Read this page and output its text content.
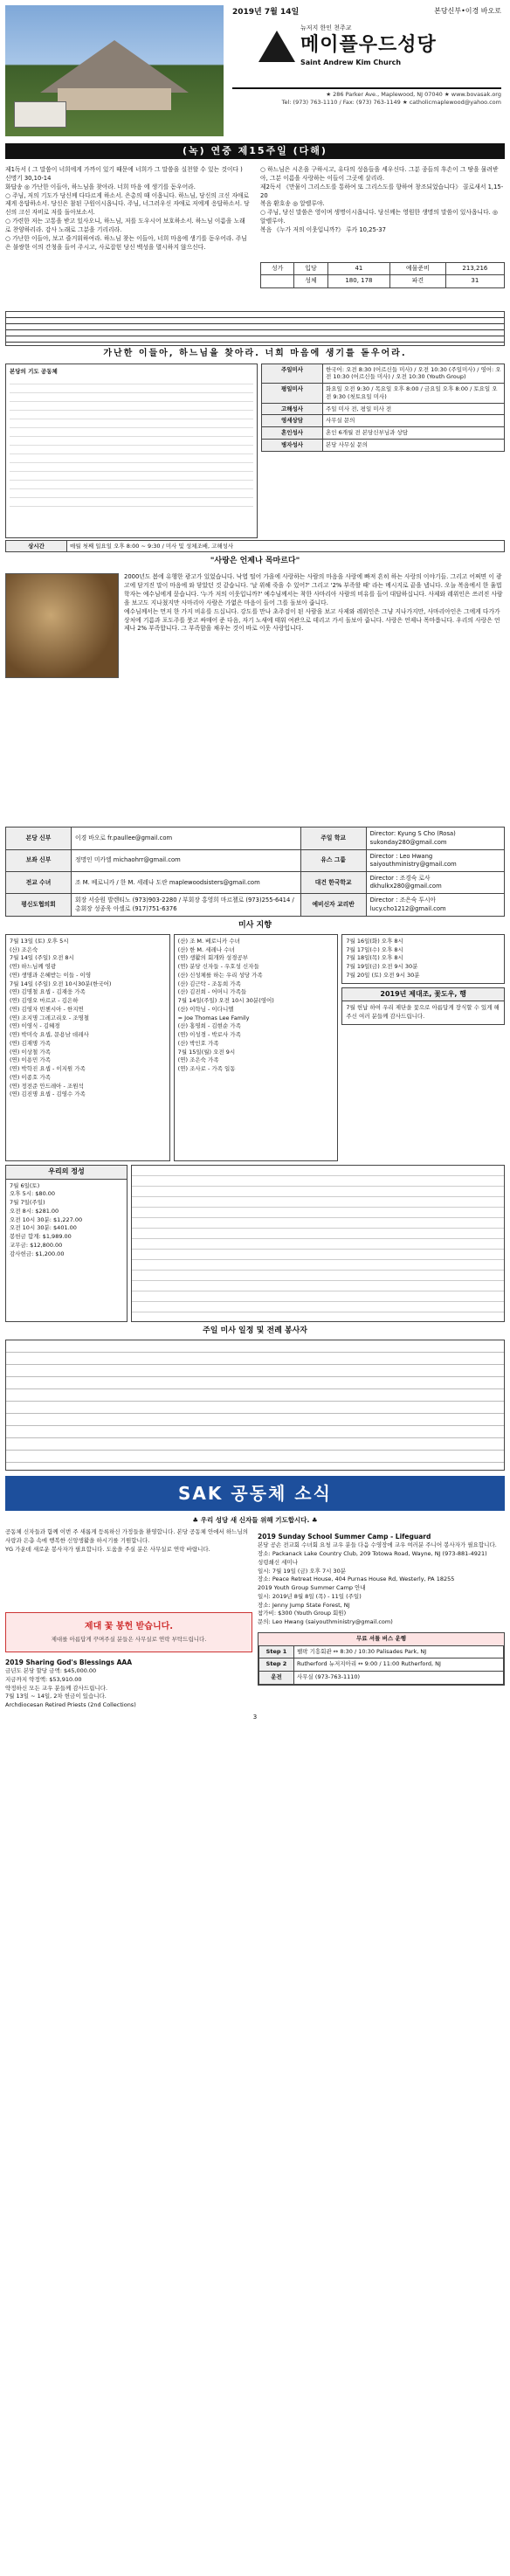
2019년 7월 14일	본당신부•이경 바오로
뉴저지 한인 천주교
메이플우드성당
Saint Andrew Kim Church
★ 286 Parker Ave., Maplewood, NJ 07040 ★ www.bovasak.org
Tel: (973) 763-1110 / Fax: (973) 763-1149 ★ catholicmaplewood@yahoo.com
(녹) 연중 제15주일 (다해)
제1독서 ( 그 말씀이 너희에게 가까이 있기 때문에 너희가 그 말씀을 실천할 수 있는 것이다 ) 신명기 30,10-14
화답송 ◎ 가난한 이들아, 하느님을 찾아라. 너희 마음 에 생기를 돋우어라.
○ 주님, 저의 기도가 당신께 다다르게 하소서. 은총의 때 이옵니다. 하느님, 당신의 크신 자애로 제게 응답하소서. 당신은 참된 구원이시옵니다. 주님, 너그러우신 자애로 저에게 응답하소서. 당신의 크신 자비로 저를 돌아보소서.
○ 가련한 저는 고통을 받고 있사오니, 하느님, 저를 도우시어 보호하소서. 하느님 이름을 노래로 찬양하리라. 감사 노래로 그분을 기리리라.
○ 가난한 이들아, 보고 즐거워하여라. 하느님 찾는 이들아, 너희 마음에 생기를 돋우어라. 주님은 불쌍한 이의 간청을 들어 주시고, 사로잡힌 당신 백성을 멸시하지 않으신다.
○ 하느님은 시온을 구하시고, 유다의 성읍들을 세우신다. 그분 종들의 후손이 그 땅을 물려받아, 그분 이름을 사랑하는 이들이 그곳에 살리라.
제2독서 《만물이 그리스도를 통하여 또 그리스도를 향하여 창조되었습니다》 콜로새서 1,15-20
복음 환호송 ◎ 알렐루야.
○ 주님, 당신 말씀은 영이며 생명이시옵니다. 당신께는 영원한 생명의 말씀이 있사옵니다. ◎ 알렐루야.
복음 《누가 저의 이웃입니까?》 루카 10,25-37
성가	입당	41	예물준비	213,216
	성체	180, 178	파견	31
가난한 이들아, 하느님을 찾아라. 너희 마음에 생기를 돋우어라.
본당의 기도 공동체	주일미사	한국어: 오전 8:30 (어르신들 미사) / 오전 10:30 (주일미사) / 영어: 오전 10:30 (어르신들 미사) / 오전 10:30 (Youth Group)
평일미사	화요일 오전 9:30 / 목요일 오후 8:00 / 금요일 오후 8:00 / 토요일 오전 9:30 (첫토요일 미사)
고해성사	주일 미사 전, 평일 미사 전
영세상담	사무실 문의
혼인성사	혼인 6개월 전 본당신부님과 상담
병자성사	본당 사무실 문의
상시간	매월 첫째 일요일 오후 8:00 ~ 9:30 / 미사 및 성체조배, 고해성사
"사랑은 언제나 목마르다"
2000년도 봄에 유행한 광고가 있었습니다. 낙엽 떨어 가을에 사랑하는 사람의 마음을 사랑에 빠져 흔히 하는 사랑의 이야기들. 그리고 어쩌면 이 광고에 담겨진 말이 마음에 와 닿았던 것 같습니다. '날 위해 죽을 수 있어?' 그리고 '2% 부족할 때' 라는 메시지로 끝을 냅니다. 오늘 복음에서 한 율법 학자는 예수님에게 묻습니다. '누가 저의 이웃입니까?' 예수님께서는 착한 사마리아 사람의 비유를 들어 대답하십니다. 사제와 레위인은 쓰러진 사람을 보고도 지나쳤지만 사마리아 사람은 가엾은 마음이 들어 그를 돌보아 줍니다.
예수님께서는 먼저 한 가지 비유를 드십니다. 강도를 만나 초주검이 된 사람을 보고 사제와 레위인은 그냥 지나가지만, 사마리아인은 그에게 다가가 상처에 기름과 포도주를 붓고 싸매어 준 다음, 자기 노새에 태워 여관으로 데리고 가서 돌보아 줍니다. 사랑은 언제나 목마릅니다. 우리의 사랑은 언제나 2% 부족합니다. 그 부족함을 채우는 것이 바로 이웃 사랑입니다.
본당 신부	이경 바오로 fr.paullee@gmail.com	주일 학교	Director: Kyung S Cho (Rosa) sukonday280@gmail.com
보좌 신부	정명인 미카엘 michaohrr@gmail.com	유스 그룹	Director : Leo Hwang saiyouthministry@gmail.com
전교 수녀	조 M. 베로니카 / 한 M. 세레나 도란 maplewoodsisters@gmail.com	대건 한국학교	Director : 조경숙 로사 dkhulkx280@gmail.com
평신도협의회	회장 서승원 발렌티노 (973)903-2280 / 부회장 홍영희 마르첼로 (973)255-6414 / 총회장 성종욱 아셀로 (917)751-6376	예비신자 교리반	Director : 조은숙 투시아 lucy.cho1212@gmail.com
미사 지향
7월 13일 (토) 오후 5시
(산) 조은숙
7월 14일 (주일) 오전 8시
(연) 하느님께 영광
(연) 생명과 은혜받는 이들 - 이영
7월 14일 (주일) 오전 10시30분(한국어)
(연) 김명철 요셉 - 김재웅 가족
(연) 김영오 마르코 - 김은하
(연) 김영자 빈첸시아 - 한지연
(연) 조지명 그레고리오 - 조명철
(연) 이영식 - 김혜경
(연) 박미숙 요셉, 문용남 데레사
(연) 김재명 가족
(연) 이상철 가족
(연) 이용민 가족
(연) 박학진 요셉 - 이지원 가족
(연) 이종호 가족
(연) 정전준 안드레아 - 조원석
(연) 김진명 요셉 - 김영수 가족
(산) 조 M. 베로니카 수녀
(산) 한 M. 세레나 수녀
(연) 생활의 회개와 성경공부
(연) 분당 신자들 - 우호성 신자들
(산) 신성체를 하는 우리 성당 가족
(산) 김근탁 - 조동희 가족
(산) 김진희 - 어머니 가족들
7월 14일(주일) 오전 10시 30분(영어)
(산) 이학님 - 이다니엘
= Joe Thomas Lee Family
(산) 홍영희 - 김현순 가족
(연) 이성경 - 박로사 가족
(산) 박인호 가족
7월 15일(월) 오전 9시
(연) 조은숙 가족
(연) 조사로 - 가족 일동
7월 16일(화) 오후 8시
7월 17일(수) 오후 8시
7월 18일(목) 오후 8시
7월 19일(금) 오전 9시 30분
7월 20일 (토) 오전 9시 30분
2019년 제대조, 꽃도우, 행
7월 헌납 하여 우리 제단을 꽃으로 아름답게 장식할 수 있게 해주신 여러 분들께 감사드립니다.
우리의 정성
7월 6일(토)
오후 5시: $80.00
7월 7일(주일)
오전 8시: $281.00
오전 10시 30분: $1,227.00
오전 10시 30분: $401.00
봉헌금 합계: $1,989.00
교무금: $12,800.00
감사헌금: $1,200.00
주일 미사 일정 및 전례 봉사자
SAK 공동체 소식
♣ 우리 성당 새 신자들 위해 기도합시다. ♣
공동체 신자들과 함께 이번 주 새롭게 등록하신 가정들을 환영합니다. 본당 공동체 안에서 하느님의 사랑과 은총 속에 행복한 신앙생활을 하시기를 기원합니다.
YG 가운데 새로운 봉사자가 필요합니다. 도움을 주실 분은 사무실로 연락 바랍니다.
제대 꽃 봉헌 받습니다.
제대를 아름답게 꾸며주실 분들은 사무실로 연락 부탁드립니다.
2019 Sharing God's Blessings AAA
금년도 본당 할당 금액: $45,000.00
지금까지 약정액: $53,910.00
약정하신 모든 교우 분들께 감사드립니다.
7월 13일 ~ 14일, 2차 헌금이 있습니다.
Archdiocesan Retired Priests (2nd Collections)
2019 Sunday School Summer Camp - Lifeguard
본당 공손 전교회 수녀회 요청 교우 분들 다음 수영장에 교우 여러분 주니어 봉사자가 필요합니다.
장소: Packanack Lake Country Club, 209 Totowa Road, Wayne, NJ (973-881-4921)
성령쇄신 세미나
일시: 7월 19일 (금) 오후 7시 30분
장소: Peace Retreat House, 404 Purnas House Rd, Westerly, PA 18255
2019 Youth Group Summer Camp 안내
일시: 2019년 8월 8일 (목) - 11일 (주일)
장소: Jenny Jump State Forest, NJ
참가비: $300 (Youth Group 회원)
문의: Leo Hwang (saiyouthministry@gmail.com)
무료 셔틀 버스 운행
Step 1	팰팍 기흥회관 ↔ 8:30 / 10:30 Palisades Park, NJ
Step 2	Rutherford 뉴저지아리 ↔ 9:00 / 11:00 Rutherford, NJ
운전	사무실 (973-763-1110)
3
